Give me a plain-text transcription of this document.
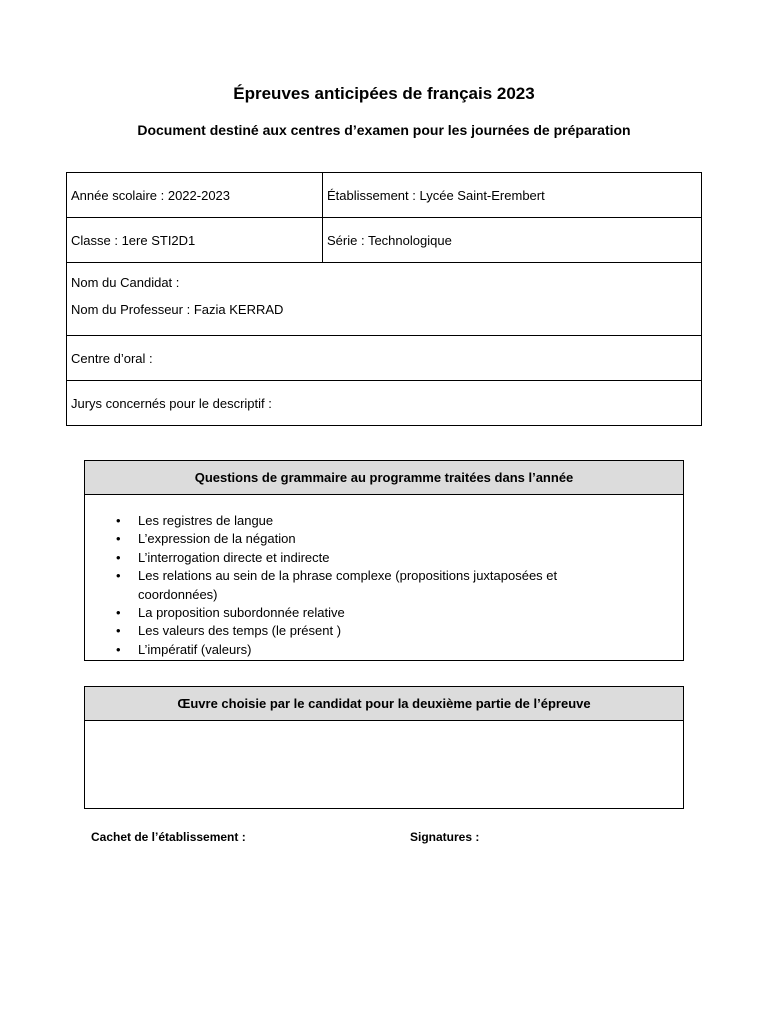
Épreuves anticipées de français 2023
Document destiné aux centres d’examen pour les journées de préparation
Année scolaire : 2022-2023	Établissement : Lycée Saint-Erembert
Classe : 1ere STI2D1	Série : Technologique

Nom du Candidat :
Nom du Professeur : Fazia KERRAD	

Centre d’oral :	
Jurys concernés pour le descriptif :	
Questions de grammaire au programme traitées dans l’année
• Les registres de langue
• L’expression de la négation
• L’interrogation directe et indirecte
• Les relations au sein de la phrase complexe (propositions juxtaposées et coordonnées)
• La proposition subordonnée relative
• Les valeurs des temps (le présent )
• L’impératif (valeurs)
Œuvre choisie par le candidat pour la deuxième partie de l’épreuve
Cachet de l’établissement :	Signatures :
